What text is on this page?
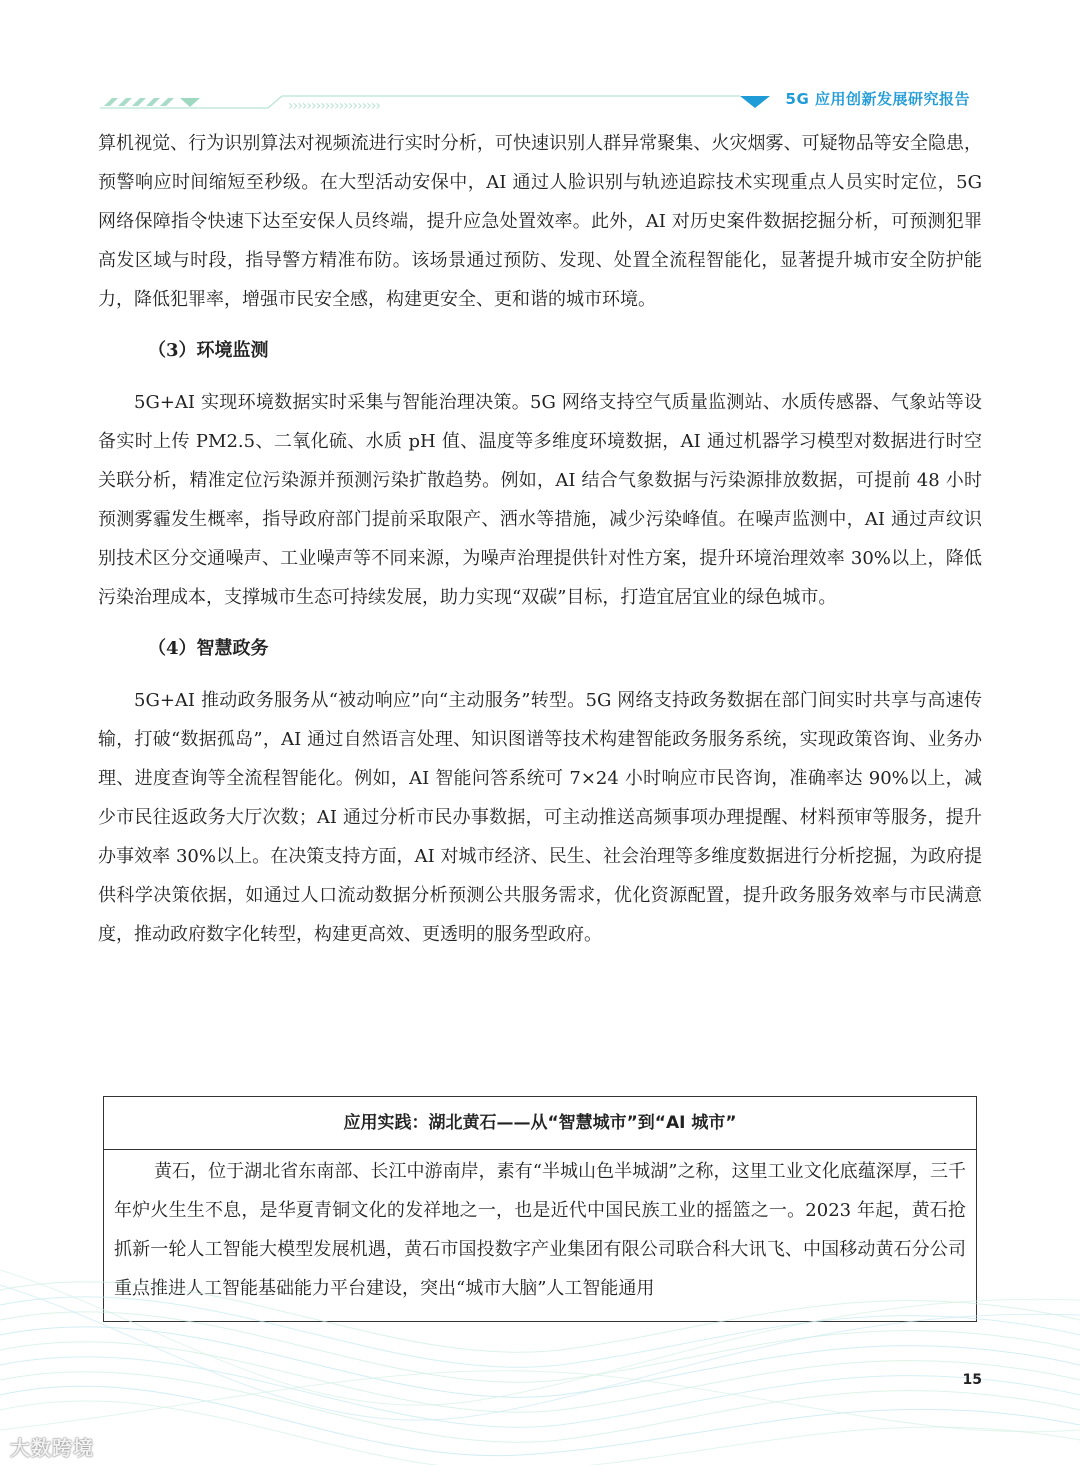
››››››››››››››››››››	5G 应用创新发展研究报告

算机视觉、行为识别算法对视频流进行实时分析，可快速识别人群异常聚集、火灾烟雾、可疑物品等安全隐患，预警响应时间缩短至秒级。在大型活动安保中，AI 通过人脸识别与轨迹追踪技术实现重点人员实时定位，5G 网络保障指令快速下达至安保人员终端，提升应急处置效率。此外，AI 对历史案件数据挖掘分析，可预测犯罪高发区域与时段，指导警方精准布防。该场景通过预防、发现、处置全流程智能化，显著提升城市安全防护能力，降低犯罪率，增强市民安全感，构建更安全、更和谐的城市环境。

（3）环境监测

5G+AI 实现环境数据实时采集与智能治理决策。5G 网络支持空气质量监测站、水质传感器、气象站等设备实时上传 PM2.5、二氧化硫、水质 pH 值、温度等多维度环境数据，AI 通过机器学习模型对数据进行时空关联分析，精准定位污染源并预测污染扩散趋势。例如，AI 结合气象数据与污染源排放数据，可提前 48 小时预测雾霾发生概率，指导政府部门提前采取限产、洒水等措施，减少污染峰值。在噪声监测中，AI 通过声纹识别技术区分交通噪声、工业噪声等不同来源，为噪声治理提供针对性方案，提升环境治理效率 30%以上，降低污染治理成本，支撑城市生态可持续发展，助力实现“双碳”目标，打造宜居宜业的绿色城市。

（4）智慧政务

5G+AI 推动政务服务从“被动响应”向“主动服务”转型。5G 网络支持政务数据在部门间实时共享与高速传输，打破“数据孤岛”，AI 通过自然语言处理、知识图谱等技术构建智能政务服务系统，实现政策咨询、业务办理、进度查询等全流程智能化。例如，AI 智能问答系统可 7×24 小时响应市民咨询，准确率达 90%以上，减少市民往返政务大厅次数；AI 通过分析市民办事数据，可主动推送高频事项办理提醒、材料预审等服务，提升办事效率 30%以上。在决策支持方面，AI 对城市经济、民生、社会治理等多维度数据进行分析挖掘，为政府提供科学决策依据，如通过人口流动数据分析预测公共服务需求，优化资源配置，提升政务服务效率与市民满意度，推动政府数字化转型，构建更高效、更透明的服务型政府。

应用实践：湖北黄石——从“智慧城市”到“AI 城市”
黄石，位于湖北省东南部、长江中游南岸，素有“半城山色半城湖”之称，这里工业文化底蕴深厚，三千年炉火生生不息，是华夏青铜文化的发祥地之一，也是近代中国民族工业的摇篮之一。2023 年起，黄石抢抓新一轮人工智能大模型发展机遇，黄石市国投数字产业集团有限公司联合科大讯飞、中国移动黄石分公司重点推进人工智能基础能力平台建设，突出“城市大脑”人工智能通用
15
大数跨境
